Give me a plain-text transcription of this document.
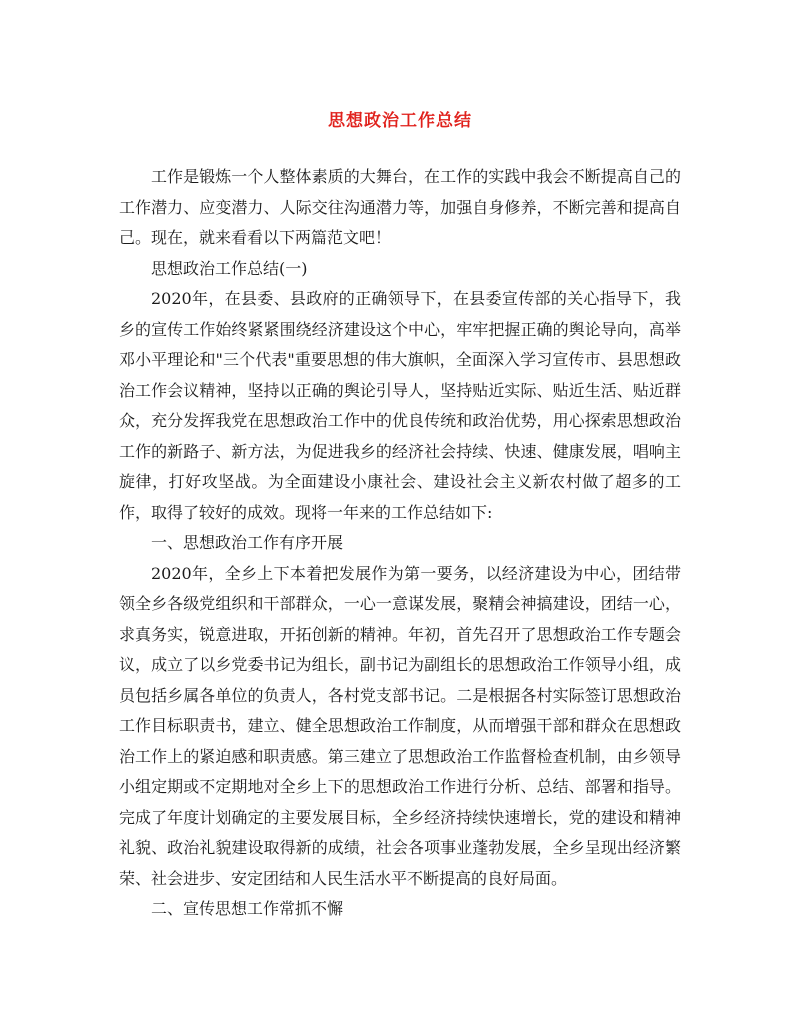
思想政治工作总结

工作是锻炼一个人整体素质的大舞台，在工作的实践中我会不断提高自己的工作潜力、应变潜力、人际交往沟通潜力等，加强自身修养，不断完善和提高自己。现在，就来看看以下两篇范文吧！

思想政治工作总结(一)

2020年，在县委、县政府的正确领导下，在县委宣传部的关心指导下，我乡的宣传工作始终紧紧围绕经济建设这个中心，牢牢把握正确的舆论导向，高举邓小平理论和"三个代表"重要思想的伟大旗帜，全面深入学习宣传市、县思想政治工作会议精神，坚持以正确的舆论引导人，坚持贴近实际、贴近生活、贴近群众，充分发挥我党在思想政治工作中的优良传统和政治优势，用心探索思想政治工作的新路子、新方法，为促进我乡的经济社会持续、快速、健康发展，唱响主旋律，打好攻坚战。为全面建设小康社会、建设社会主义新农村做了超多的工作，取得了较好的成效。现将一年来的工作总结如下:

一、思想政治工作有序开展

2020年，全乡上下本着把发展作为第一要务，以经济建设为中心，团结带领全乡各级党组织和干部群众，一心一意谋发展，聚精会神搞建设，团结一心，求真务实，锐意进取，开拓创新的精神。年初，首先召开了思想政治工作专题会议，成立了以乡党委书记为组长，副书记为副组长的思想政治工作领导小组，成员包括乡属各单位的负责人，各村党支部书记。二是根据各村实际签订思想政治工作目标职责书，建立、健全思想政治工作制度，从而增强干部和群众在思想政治工作上的紧迫感和职责感。第三建立了思想政治工作监督检查机制，由乡领导小组定期或不定期地对全乡上下的思想政治工作进行分析、总结、部署和指导。完成了年度计划确定的主要发展目标，全乡经济持续快速增长，党的建设和精神礼貌、政治礼貌建设取得新的成绩，社会各项事业蓬勃发展，全乡呈现出经济繁荣、社会进步、安定团结和人民生活水平不断提高的良好局面。

二、宣传思想工作常抓不懈
